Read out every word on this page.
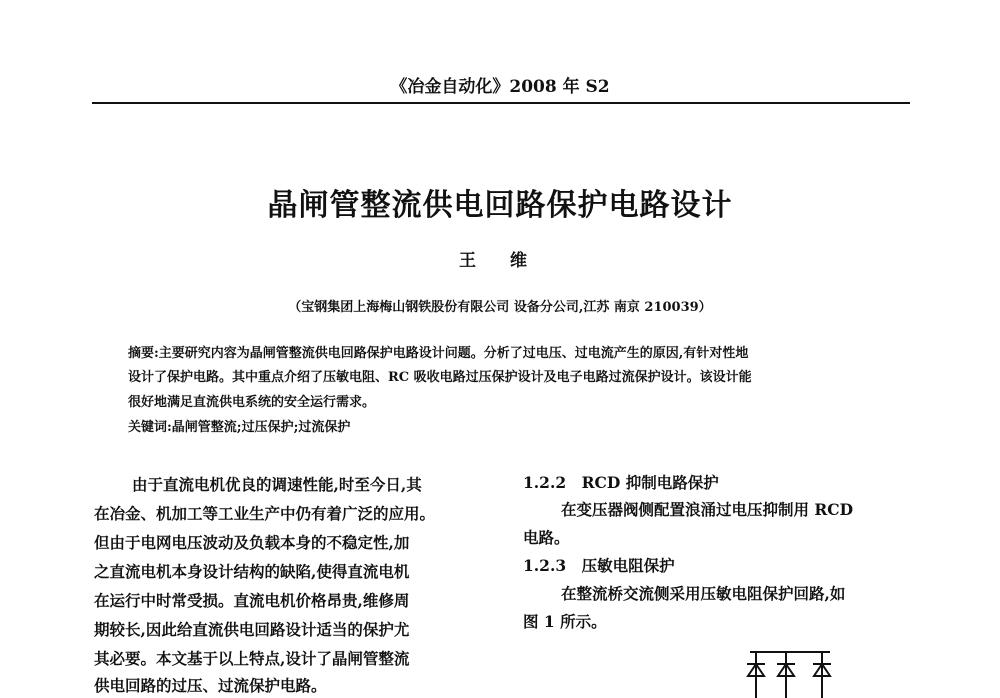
《冶金自动化》2008 年 S2
晶闸管整流供电回路保护电路设计
王 维
（宝钢集团上海梅山钢铁股份有限公司 设备分公司,江苏 南京 210039）
摘要:主要研究内容为晶闸管整流供电回路保护电路设计问题。分析了过电压、过电流产生的原因,有针对性地
设计了保护电路。其中重点介绍了压敏电阻、RC 吸收电路过压保护设计及电子电路过流保护设计。该设计能
很好地满足直流供电系统的安全运行需求。
关键词:晶闸管整流;过压保护;过流保护
由于直流电机优良的调速性能,时至今日,其
在冶金、机加工等工业生产中仍有着广泛的应用。
但由于电网电压波动及负载本身的不稳定性,加
之直流电机本身设计结构的缺陷,使得直流电机
在运行中时常受损。直流电机价格昂贵,维修周
期较长,因此给直流供电回路设计适当的保护尤
其必要。本文基于以上特点,设计了晶闸管整流
供电回路的过压、过流保护电路。
1.2.2　RCD 抑制电路保护
在变压器阀侧配置浪涌过电压抑制用 RCD
电路。
1.2.3　压敏电阻保护
在整流桥交流侧采用压敏电阻保护回路,如
图 1 所示。
